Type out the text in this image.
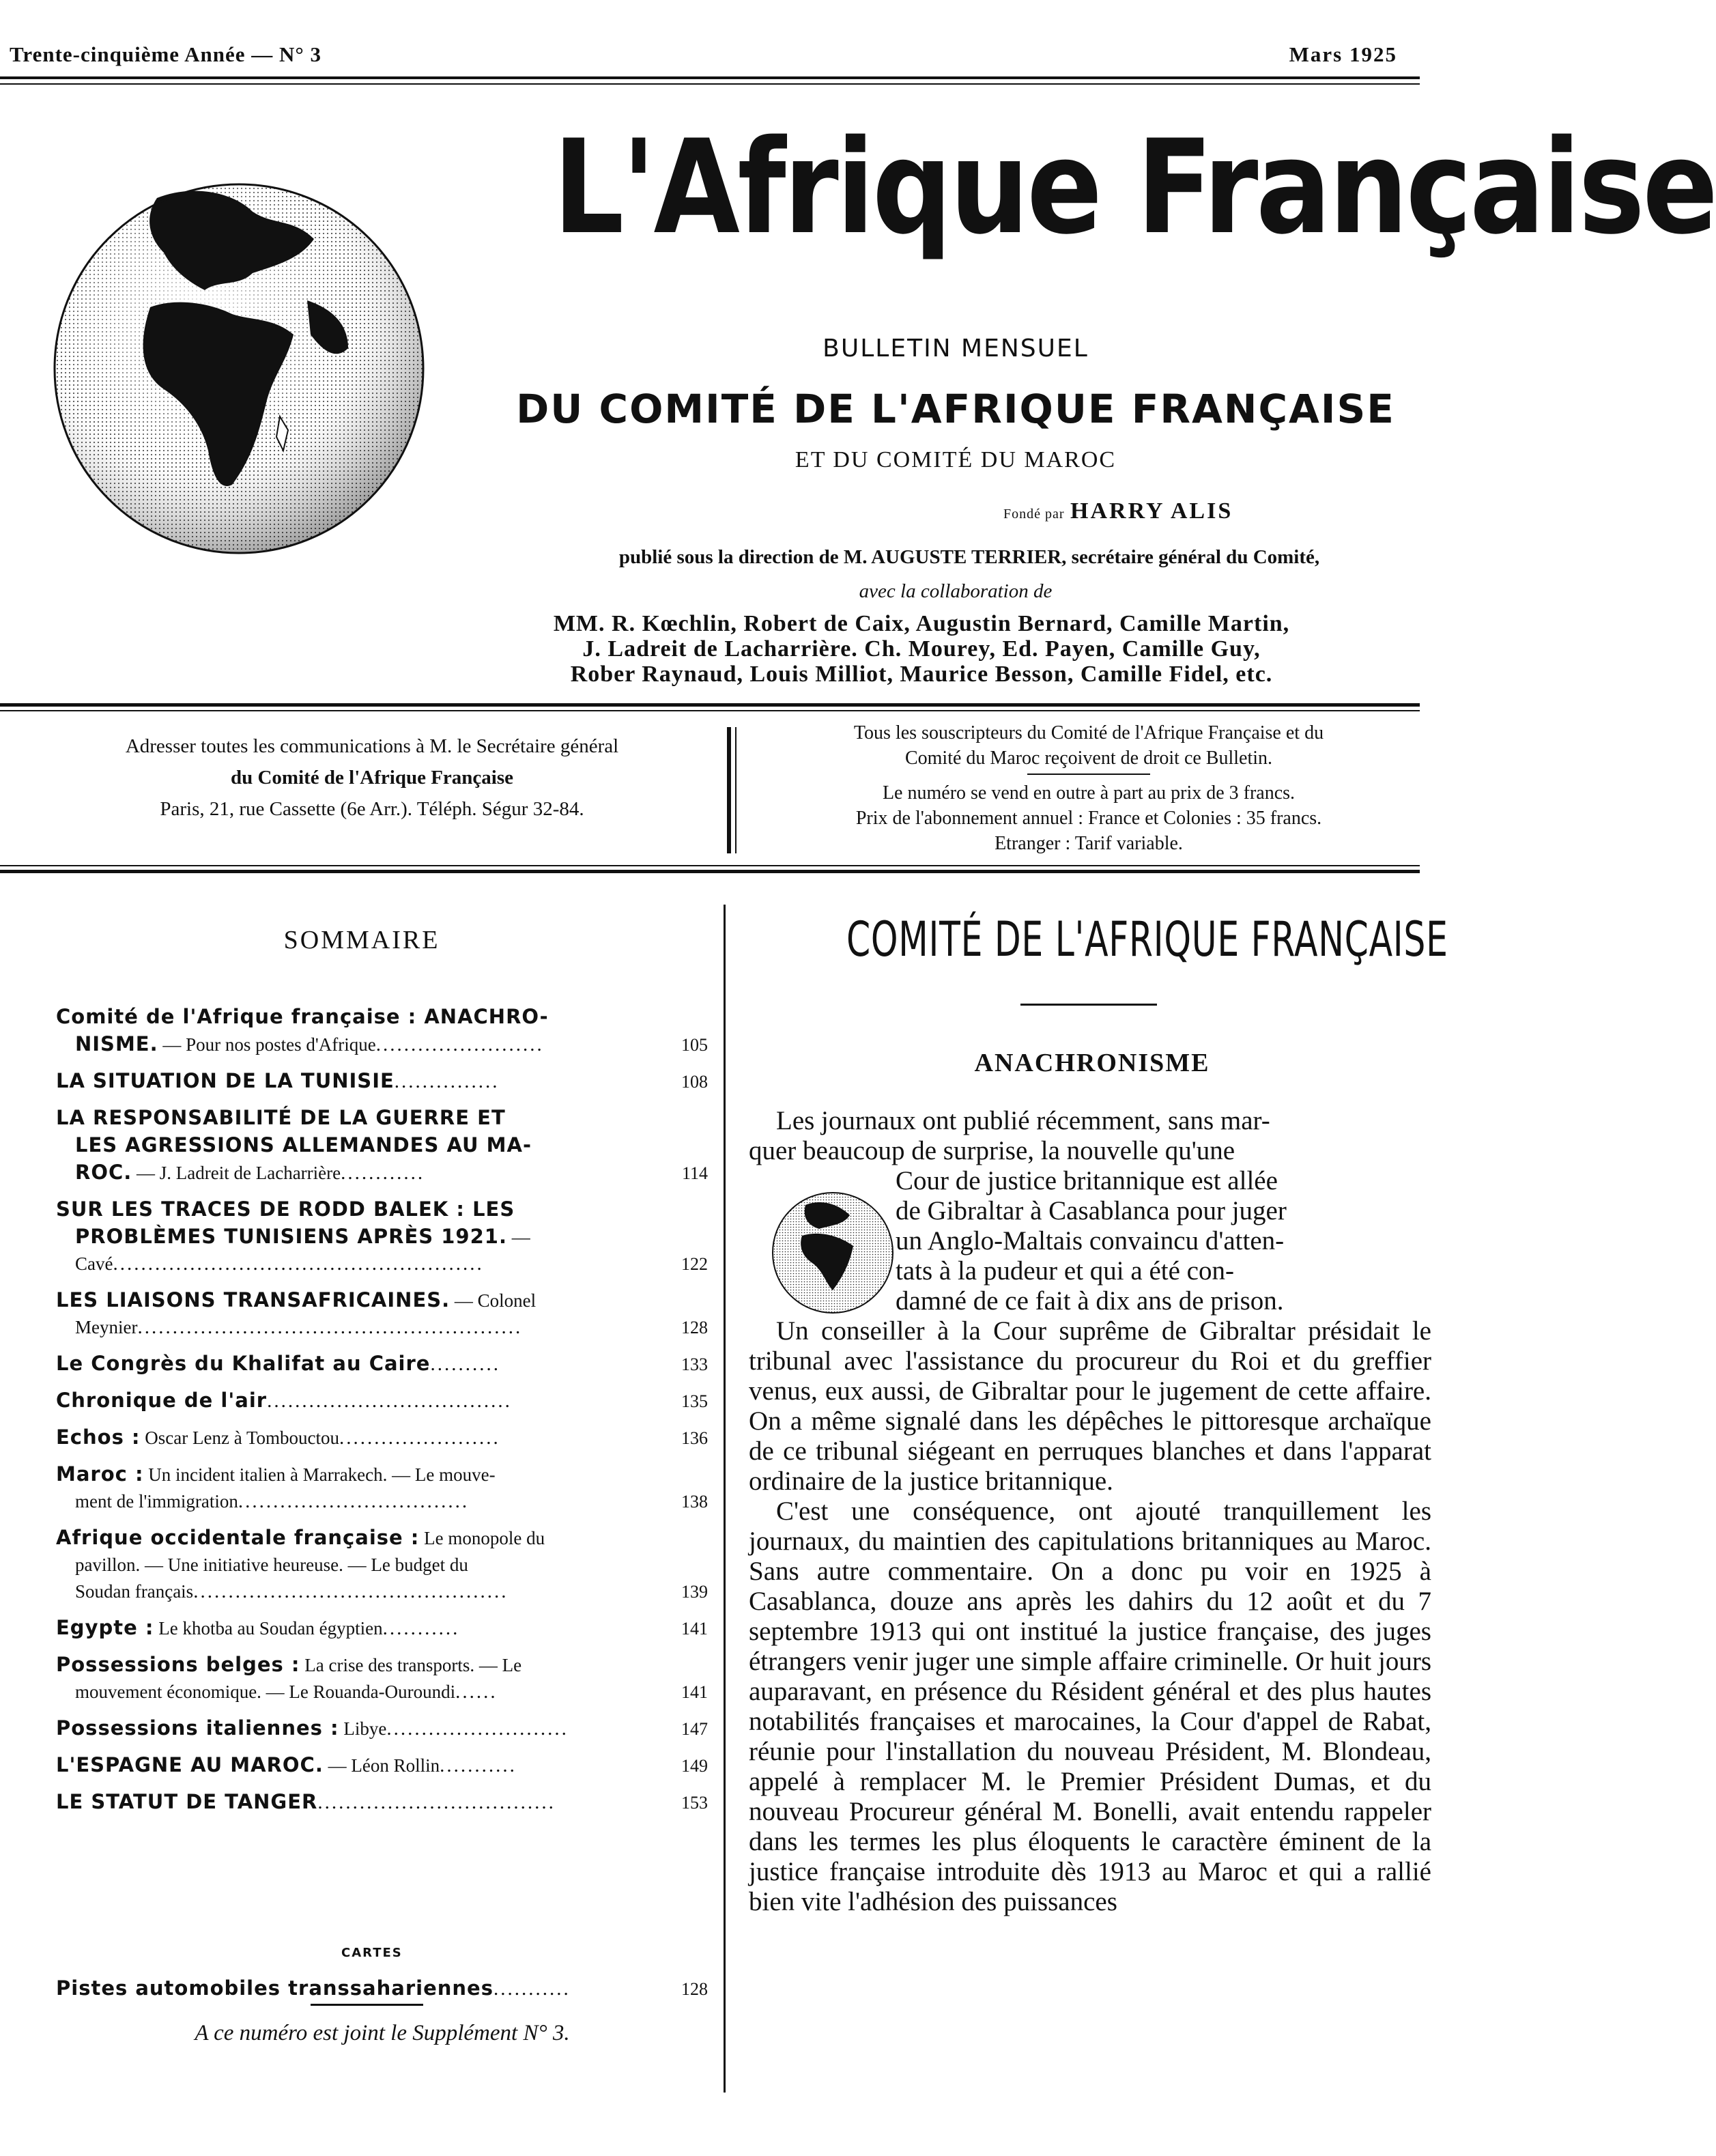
Trente-cinquième Année — N° 3	Mars 1925
L'Afrique Française
BULLETIN MENSUEL
DU COMITÉ DE L'AFRIQUE FRANÇAISE
ET DU COMITÉ DU MAROC
Fondé par HARRY ALIS
publié sous la direction de M. AUGUSTE TERRIER, secrétaire général du Comité,
avec la collaboration de
MM. R. Kœchlin, Robert de Caix, Augustin Bernard, Camille Martin,
J. Ladreit de Lacharrière. Ch. Mourey, Ed. Payen, Camille Guy,
Rober Raynaud, Louis Milliot, Maurice Besson, Camille Fidel, etc.
Adresser toutes les communications à M. le Secrétaire général
du Comité de l'Afrique Française
Paris, 21, rue Cassette (6e Arr.). Téléph. Ségur 32-84.
Tous les souscripteurs du Comité de l'Afrique Française et du
Comité du Maroc reçoivent de droit ce Bulletin.
Le numéro se vend en outre à part au prix de 3 francs.
Prix de l'abonnement annuel : France et Colonies : 35 francs.
Etranger : Tarif variable.
SOMMAIRE
Comité de l'Afrique française : ANACHRO-
NISME. — Pour nos postes d'Afrique........................	105
LA SITUATION DE LA TUNISIE...............	108
LA RESPONSABILITÉ DE LA GUERRE ET
LES AGRESSIONS ALLEMANDES AU MA-
ROC. — J. Ladreit de Lacharrière............	114
SUR LES TRACES DE RODD BALEK : LES
PROBLÈMES TUNISIENS APRÈS 1921. —
Cavé.....................................................	122
LES LIAISONS TRANSAFRICAINES. — Colonel
Meynier.......................................................	128
Le Congrès du Khalifat au Caire..........	133
Chronique de l'air...................................	135
Echos : Oscar Lenz à Tombouctou.......................	136
Maroc : Un incident italien à Marrakech. — Le mouve-
ment de l'immigration.................................	138
Afrique occidentale française : Le monopole du
pavillon. — Une initiative heureuse. — Le budget du
Soudan français.............................................	139
Egypte : Le khotba au Soudan égyptien...........	141
Possessions belges : La crise des transports. — Le
mouvement économique. — Le Rouanda-Ouroundi......	141
Possessions italiennes : Libye..........................	147
L'ESPAGNE AU MAROC. — Léon Rollin...........	149
LE STATUT DE TANGER..................................	153
CARTES
Pistes automobiles transsahariennes...........	128
A ce numéro est joint le Supplément N° 3.
COMITÉ DE L'AFRIQUE FRANÇAISE
ANACHRONISME

Les journaux ont publié récemment, sans mar-

quer beaucoup de surprise, la nouvelle qu'une
Cour de justice britannique est allée
de Gibraltar à Casablanca pour juger
un Anglo-Maltais convaincu d'atten-
tats à la pudeur et qui a été con-
damné de ce fait à dix ans de prison.

Un conseiller à la Cour suprême de Gibraltar présidait le tribunal avec l'assistance du procureur du Roi et du greffier venus, eux aussi, de Gibraltar pour le jugement de cette affaire. On a même signalé dans les dépêches le pittoresque archaïque de ce tribunal siégeant en perruques blanches et dans l'apparat ordinaire de la justice britannique.

C'est une conséquence, ont ajouté tranquillement les journaux, du maintien des capitulations britanniques au Maroc. Sans autre commentaire. On a donc pu voir en 1925 à Casablanca, douze ans après les dahirs du 12 août et du 7 septembre 1913 qui ont institué la justice française, des juges étrangers venir juger une simple affaire criminelle. Or huit jours auparavant, en présence du Résident général et des plus hautes notabilités françaises et marocaines, la Cour d'appel de Rabat, réunie pour l'installation du nouveau Président, M. Blondeau, appelé à remplacer M. le Premier Président Dumas, et du nouveau Procureur général M. Bonelli, avait entendu rappeler dans les termes les plus éloquents le caractère éminent de la justice française introduite dès 1913 au Maroc et qui a rallié bien vite l'adhésion des puissances
